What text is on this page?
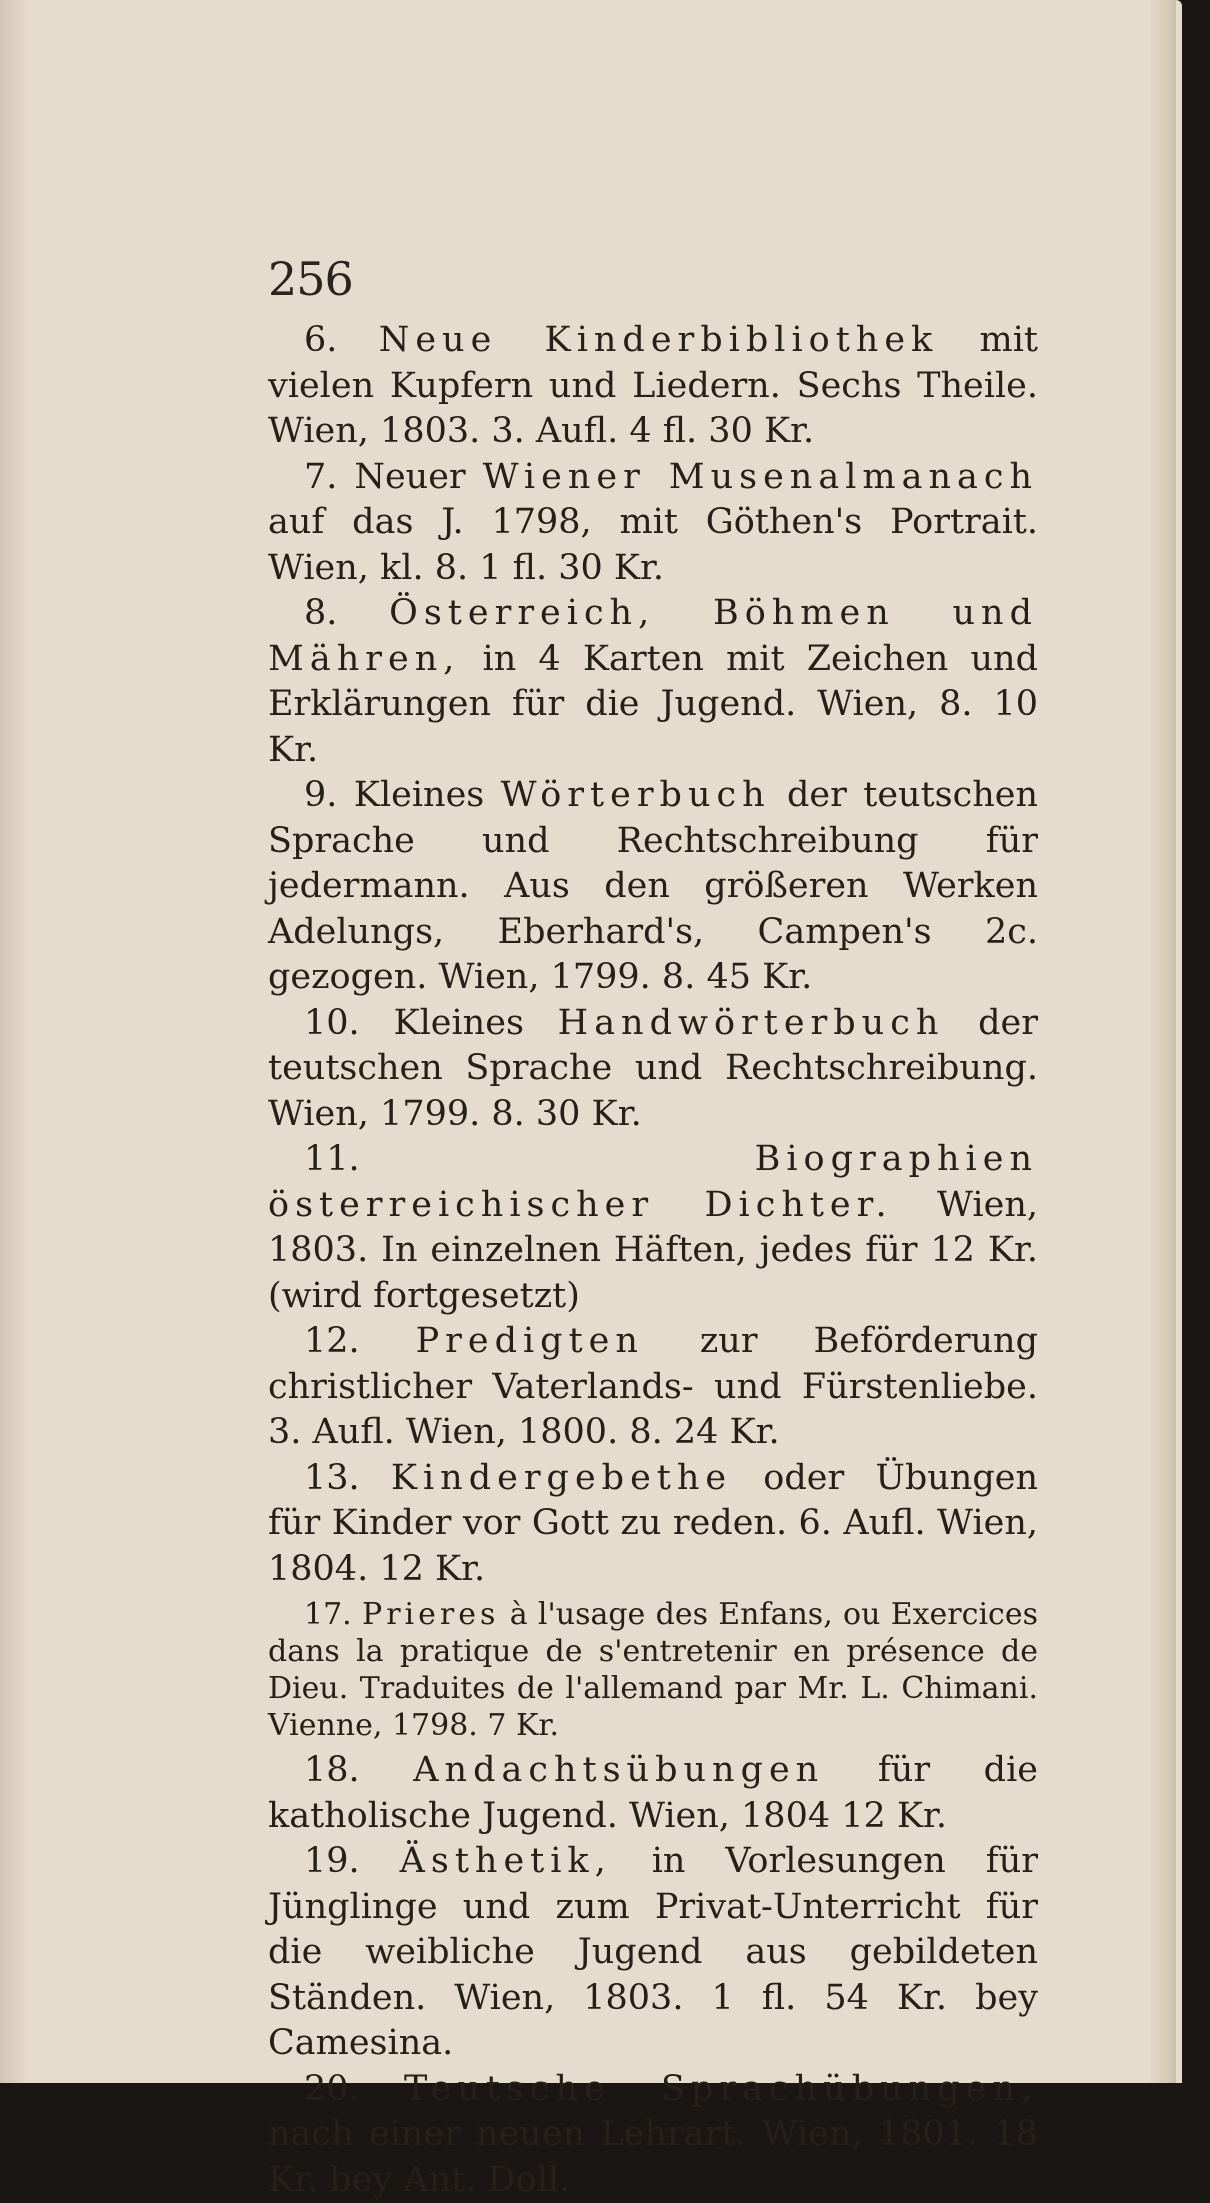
256

6. Neue Kinderbibliothek mit vielen Kupfern und Liedern. Sechs Theile. Wien, 1803. 3. Aufl. 4 fl. 30 Kr.

7. Neuer Wiener Musenalmanach auf das J. 1798, mit Göthen's Portrait. Wien, kl. 8. 1 fl. 30 Kr.

8. Österreich, Böhmen und Mähren, in 4 Karten mit Zeichen und Erklärungen für die Jugend. Wien, 8. 10 Kr.

9. Kleines Wörterbuch der teutschen Sprache und Rechtschreibung für jedermann. Aus den größeren Werken Adelungs, Eberhard's, Campen's 2c. gezogen. Wien, 1799. 8. 45 Kr.

10. Kleines Handwörterbuch der teutschen Sprache und Rechtschreibung. Wien, 1799. 8. 30 Kr.

11.	Biographien österreichischer Dichter. Wien, 1803. In einzelnen Häften, jedes für 12 Kr. (wird fortgesetzt)

12. Predigten zur Beförderung christlicher Vaterlands- und Fürstenliebe. 3. Aufl. Wien, 1800. 8. 24 Kr.

13. Kindergebethe oder Übungen für Kinder vor Gott zu reden. 6. Aufl. Wien, 1804. 12 Kr.

17. Prieres à l'usage des Enfans, ou Exercices dans la pratique de s'entretenir en présence de Dieu. Traduites de l'allemand par Mr. L. Chimani. Vienne, 1798. 7 Kr.

18. Andachtsübungen für die katholische Jugend. Wien, 1804 12 Kr.

19. Ästhetik, in Vorlesungen für Jünglinge und zum Privat-Unterricht für die weibliche Jugend aus gebildeten Ständen. Wien, 1803. 1 fl. 54 Kr. bey Camesina.

20. Teutsche Sprachübungen, nach einer neuen Lehrart. Wien, 1801. 18 Kr. bey Ant. Doll.
